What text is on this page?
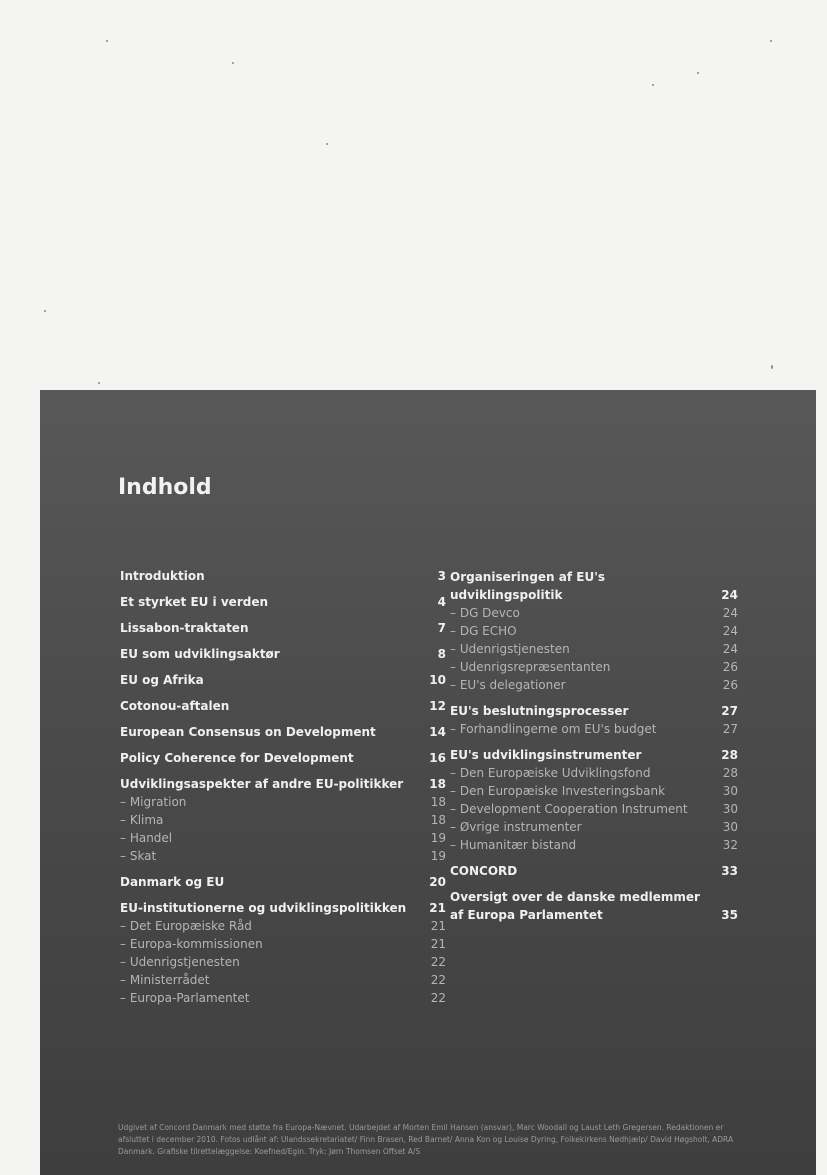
Indhold
Introduktion	3
Et styrket EU i verden	4
Lissabon-traktaten	7
EU som udviklingsaktør	8
EU og Afrika	10
Cotonou-aftalen	12
European Consensus on Development	14
Policy Coherence for Development	16
Udviklingsaspekter af andre EU-politikker	18
– Migration	18
– Klima	18
– Handel	19
– Skat	19
Danmark og EU	20
EU-institutionerne og udviklingspolitikken	21
– Det Europæiske Råd	21
– Europa-kommissionen	21
– Udenrigstjenesten	22
– Ministerrådet	22
– Europa-Parlamentet	22
Organiseringen af EU's udviklingspolitik	24
– DG Devco	24
– DG ECHO	24
– Udenrigstjenesten	24
– Udenrigsrepræsentanten	26
– EU's delegationer	26
EU's beslutningsprocesser	27
– Forhandlingerne om EU's budget	27
EU's udviklingsinstrumenter	28
– Den Europæiske Udviklingsfond	28
– Den Europæiske Investeringsbank	30
– Development Cooperation Instrument	30
– Øvrige instrumenter	30
– Humanitær bistand	32
CONCORD	33
Oversigt over de danske medlemmer af Europa Parlamentet	35

Udgivet af Concord Danmark med støtte fra Europa-Nævnet. Udarbejdet af Morten Emil Hansen (ansvar), Marc Woodall og Laust Leth Gregersen. Redaktionen er afsluttet i december 2010. Fotos udlånt af: Ulandssekretariatet/ Finn Brasen, Red Barnet/ Anna Kon og Louise Dyring, Folkekirkens Nødhjælp/ David Høgsholt, ADRA Danmark. Grafiske tilrettelæggelse: Koefned/Egin. Tryk: Jørn Thomsen Offset A/S
